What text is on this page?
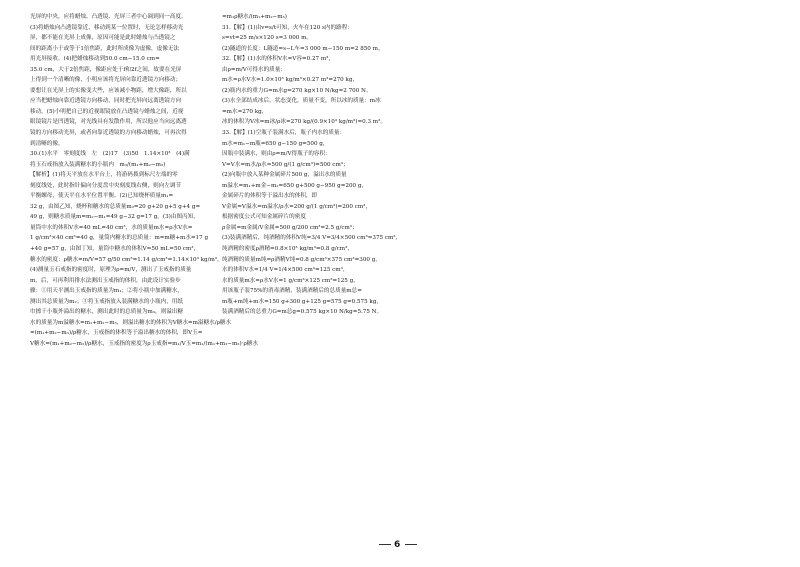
光屏的中央，应将蜡烛、凸透镜、光屏三者中心调到同一高度。
(3)将蜡烛向凸透镜靠近，移动到某一位置时，无论怎样移动光
屏，都不能在光屏上成像，原因可能是此时蜡烛与凸透镜之
间的距离小于或等于1倍焦距，此时所成像为虚像，虚像无法
用光屏接收。(4)把蜡烛移动到50.0 cm−15.0 cm=
35.0 cm，大于2倍焦距，像距应处于f和2f之间，故要在光屏
上得到一个清晰的像，小明应该将光屏向靠近透镜方向移动；
要想让在光屏上的实像变大些，应该减小物距，增大像距，所以
应当把蜡烛向靠近透镜方向移动，同时把光屏向远离透镜方向
移动。(5)小明把自己的近视眼镜放在凸透镜与蜡烛之间，近视
眼镜镜片是凹透镜，对光线具有发散作用，所以他应当向远离透
镜的方向移动光屏，或者向靠近透镜的方向移动蜡烛，可再次得
到清晰的像。
30.(1)水平　零刻度线　左　(2)17　(3)50　1.14×10³　(4)满
将玉石戒指放入装满糖水的小瓶内　m₃/(m₁+m₂−m₃)
【解析】(1)将天平放在水平台上，将游码拨到标尺左端的零
刻度线处，此时指针偏向分度盘中央刻度线右侧，则向左调节
平衡螺母，使天平在水平位置平衡。(2)已知烧杯质量m₁=
32 g，由图乙知，烧杯和糖水的总质量m₂=20 g+20 g+5 g+4 g=
49 g，则糖水质量m=m₂−m₁=49 g−32 g=17 g。(3)由图丙知，
量筒中水的体积V水=40 mL=40 cm³，水的质量m水=ρ水V水=
1 g/cm³×40 cm³=40 g，量筒内糖水的总质量：m=m糖+m水=17 g
+40 g=57 g，由图丁知，量筒中糖水的体积V=50 mL=50 cm³，
糖水的密度：ρ糖水=m/V=57 g/50 cm³=1.14 g/cm³=1.14×10³ kg/m³。
(4)测量玉石戒指的密度时，原理为ρ=m/V，测出了玉戒指的质量
m，后，可再利用排水法测出玉戒指的体积，由此设计实验步
骤：①用天平测出玉戒指的质量为m₁；②将小瓶中加满糖水，
测出其总质量为m₂；③将玉戒指放入装满糖水的小瓶内，用纸
巾擦干小瓶外溢出的糖水，测出此时的总质量为m₃，则溢出糖
水的质量为m溢糖水=m₁+m₂−m₃，则溢出糖水的体积为V糖水=m溢糖水/ρ糖水
=(m₁+m₂−m₃)/ρ糖水，玉戒指的体积等于溢出糖水的体积，即V玉=
V糖水=(m₁+m₂−m₃)/ρ糖水，玉戒指的密度为ρ玉戒指=m₁/V玉=m₁/(m₁+m₂−m₃)·ρ糖水
=m₁ρ糖水/(m₁+m₂−m₃)
31.【解】(1)由v=s/t可知，火车在120 s内的路程：
s=vt=25 m/s×120 s=3 000 m。
(2)隧道的长度：L隧道=s−L车=3 000 m−150 m=2 850 m。
32.【解】(1)水的体积V水=V容=0.27 m³，
由ρ=m/V可得水的质量：
m水=ρ水V水=1.0×10³ kg/m³×0.27 m³=270 kg，
(2)瓶内水的重力G=m水g=270 kg×10 N/kg=2 700 N。
(3)水全部结成冰后，状态变化，质量不变，所以冰的质量：m冰
=m水=270 kg，
冰的体积为V冰=m冰/ρ冰=270 kg/(0.9×10³ kg/m³)=0.3 m³。
33.【解】(1)空瓶子装满水后，瓶子内水的质量：
m水=m₁−m瓶=650 g−150 g=500 g，
因瓶中装满水，则由ρ=m/V得瓶子的容积：
V=V水=m水/ρ水=500 g/(1 g/cm³)=500 cm³；
(2)向瓶中放入某种金属碎片500 g，溢出水的质量
m溢水=m₁+m金−m₂=650 g+500 g−950 g=200 g，
金属碎片的体积等于溢出水的体积，即
V金属=V溢水=m溢水/ρ水=200 g/(1 g/cm³)=200 cm³，
根据密度公式可知金属碎片的密度
ρ金属=m金属/V金属=500 g/200 cm³=2.5 g/cm³；
(3)装满酒精后，纯酒精的体积V纯=3/4 V=3/4×500 cm³=375 cm³，
纯酒精的密度ρ酒精=0.8×10³ kg/m³=0.8 g/cm³，
纯酒精的质量m纯=ρ酒精V纯=0.8 g/cm³×375 cm³=300 g，
水的体积V水=1/4 V=1/4×500 cm³=125 cm³，
水的质量m水=ρ水V水=1 g/cm³×125 cm³=125 g，
用该瓶子装75%的消毒酒精，装满酒精后的总质量m总=
m瓶+m纯+m水=150 g+300 g+125 g=575 g=0.575 kg，
装满酒精后的总重力G=m总g=0.575 kg×10 N/kg=5.75 N。
6
